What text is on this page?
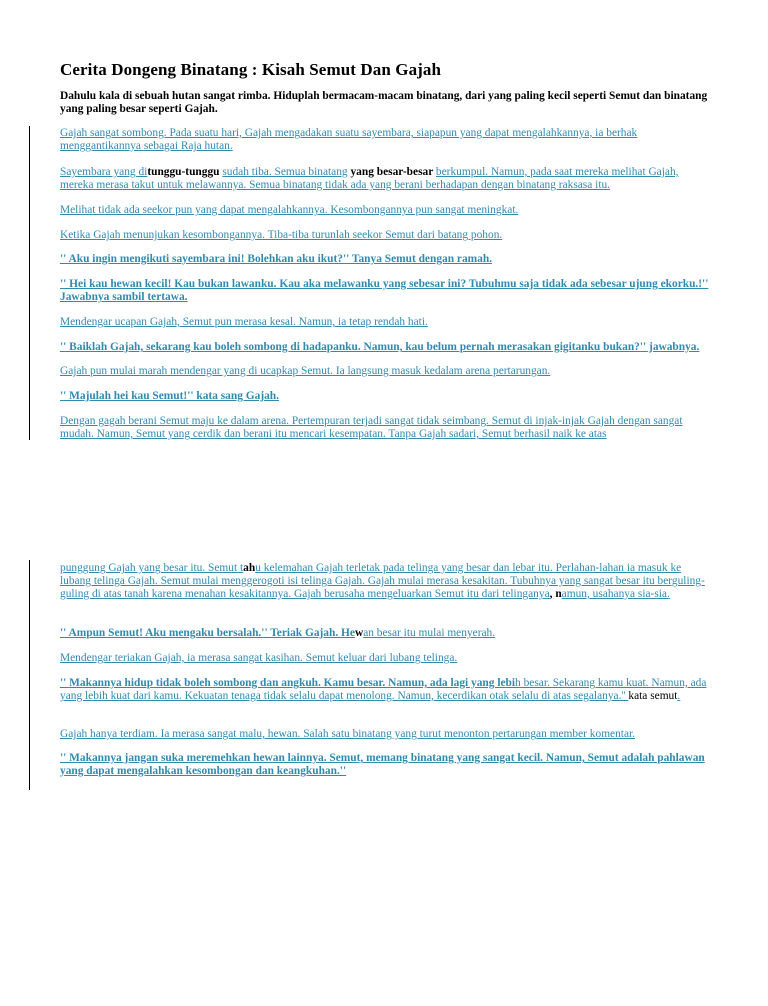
Cerita Dongeng Binatang : Kisah Semut Dan Gajah

Dahulu kala di sebuah hutan sangat rimba. Hiduplah bermacam-macam binatang, dari yang paling kecil seperti Semut dan binatang yang paling besar seperti Gajah.

Gajah sangat sombong. Pada suatu hari, Gajah mengadakan suatu sayembara, siapapun yang dapat mengalahkannya, ia berhak menggantikannya sebagai Raja hutan.

Sayembara yang ditunggu-tunggu sudah tiba. Semua binatang yang besar-besar berkumpul. Namun, pada saat mereka melihat Gajah, mereka merasa takut untuk melawannya. Semua binatang tidak ada yang berani berhadapan dengan binatang raksasa itu.

Melihat tidak ada seekor pun yang dapat mengalahkannya. Kesombongannya pun sangat meningkat.

Ketika Gajah menunjukan kesombongannya. Tiba-tiba turunlah seekor Semut dari batang pohon.

'' Aku ingin mengikuti sayembara ini! Bolehkan aku ikut?'' Tanya Semut dengan ramah.

'' Hei kau hewan kecil! Kau bukan lawanku. Kau aka melawanku yang sebesar ini? Tubuhmu saja tidak ada sebesar ujung ekorku.!'' Jawabnya sambil tertawa.

Mendengar ucapan Gajah, Semut pun merasa kesal. Namun, ia tetap rendah hati.

'' Baiklah Gajah, sekarang kau boleh sombong di hadapanku. Namun, kau belum pernah merasakan gigitanku bukan?'' jawabnya.

Gajah pun mulai marah mendengar yang di ucapkap Semut. Ia langsung masuk kedalam arena pertarungan.

'' Majulah hei kau Semut!'' kata sang Gajah.

Dengan gagah berani Semut maju ke dalam arena. Pertempuran terjadi sangat tidak seimbang. Semut di injak-injak Gajah dengan sangat mudah. Namun, Semut yang cerdik dan berani itu mencari kesempatan. Tanpa Gajah sadari, Semut berhasil naik ke atas

punggung Gajah yang besar itu. Semut tahu kelemahan Gajah terletak pada telinga yang besar dan lebar itu. Perlahan-lahan ia masuk ke lubang telinga Gajah. Semut mulai menggerogoti isi telinga Gajah. Gajah mulai merasa kesakitan. Tubuhnya yang sangat besar itu berguling-guling di atas tanah karena menahan kesakitannya. Gajah berusaha mengeluarkan Semut itu dari telinganya, namun, usahanya sia-sia.

'' Ampun Semut! Aku mengaku bersalah.'' Teriak Gajah. Hewan besar itu mulai menyerah.

Mendengar teriakan Gajah, ia merasa sangat kasihan. Semut keluar dari lubang telinga.

'' Makannya hidup tidak boleh sombong dan angkuh. Kamu besar. Namun, ada lagi yang lebih besar. Sekarang kamu kuat. Namun, ada yang lebih kuat dari kamu. Kekuatan tenaga tidak selalu dapat menolong. Namun, kecerdikan otak selalu di atas segalanya.'' kata semut.

Gajah hanya terdiam. Ia merasa sangat malu, hewan. Salah satu binatang yang turut menonton pertarungan member komentar.

'' Makannya jangan suka meremehkan hewan lainnya. Semut, memang binatang yang sangat kecil. Namun, Semut adalah pahlawan yang dapat mengalahkan kesombongan dan keangkuhan.''
